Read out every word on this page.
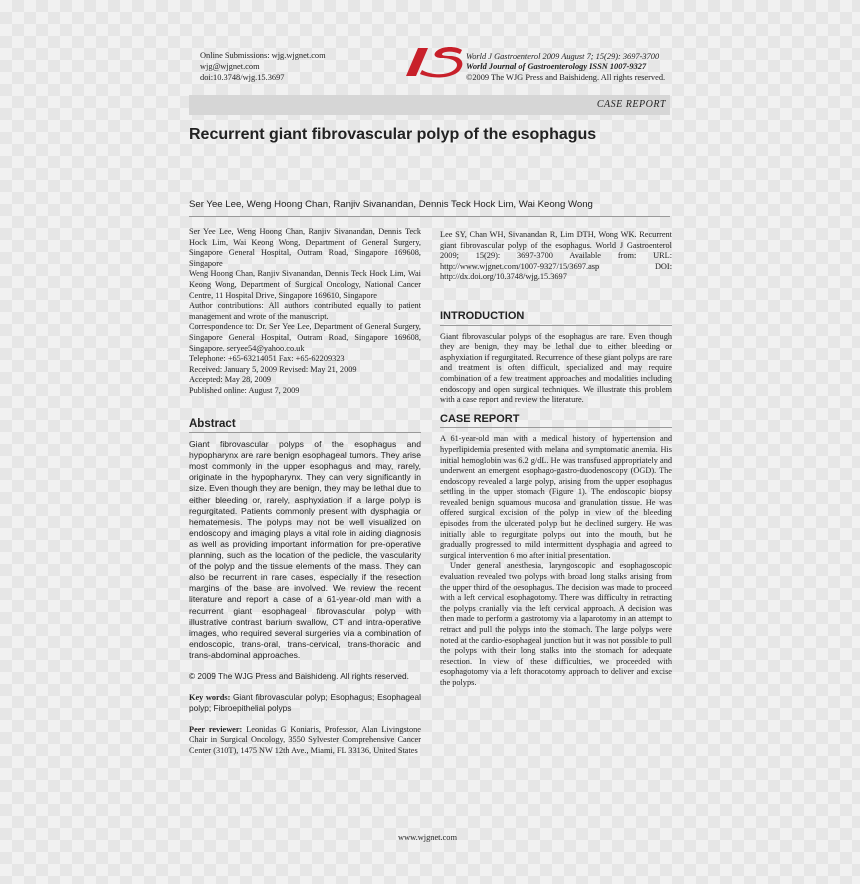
Online Submissions: wjg.wjgnet.com
wjg@wjgnet.com
doi:10.3748/wjg.15.3697
World J Gastroenterol 2009 August 7; 15(29): 3697-3700
World Journal of Gastroenterology ISSN 1007-9327
©2009 The WJG Press and Baishideng. All rights reserved.
CASE REPORT
Recurrent giant fibrovascular polyp of the esophagus
Ser Yee Lee, Weng Hoong Chan, Ranjiv Sivanandan, Dennis Teck Hock Lim, Wai Keong Wong

Ser Yee Lee, Weng Hoong Chan, Ranjiv Sivanandan, Dennis Teck Hock Lim, Wai Keong Wong, Department of General Surgery, Singapore General Hospital, Outram Road, Singapore 169608, Singapore

Weng Hoong Chan, Ranjiv Sivanandan, Dennis Teck Hock Lim, Wai Keong Wong, Department of Surgical Oncology, National Cancer Centre, 11 Hospital Drive, Singapore 169610, Singapore

Author contributions: All authors contributed equally to patient management and wrote of the manuscript.

Correspondence to: Dr. Ser Yee Lee, Department of General Surgery, Singapore General Hospital, Outram Road, Singapore 169608, Singapore. seryee54@yahoo.co.uk

Telephone: +65-63214051 Fax: +65-62209323

Received: January 5, 2009 Revised: May 21, 2009

Accepted: May 28, 2009

Published online: August 7, 2009

Abstract

Giant fibrovascular polyps of the esophagus and hypopharynx are rare benign esophageal tumors. They arise most commonly in the upper esophagus and may, rarely, originate in the hypopharynx. They can very significantly in size. Even though they are benign, they may be lethal due to either bleeding or, rarely, asphyxiation if a large polyp is regurgitated. Patients commonly present with dysphagia or hematemesis. The polyps may not be well visualized on endoscopy and imaging plays a vital role in aiding diagnosis as well as providing important information for pre-operative planning, such as the location of the pedicle, the vascularity of the polyp and the tissue elements of the mass. They can also be recurrent in rare cases, especially if the resection margins of the base are involved. We review the recent literature and report a case of a 61-year-old man with a recurrent giant esophageal fibrovascular polyp with illustrative contrast barium swallow, CT and intra-operative images, who required several surgeries via a combination of endoscopic, trans-oral, trans-cervical, trans-thoracic and trans-abdominal approaches.

© 2009 The WJG Press and Baishideng. All rights reserved.

Key words: Giant fibrovascular polyp; Esophagus; Esophageal polyp; Fibroepithelial polyps

Peer reviewer: Leonidas G Koniaris, Professor, Alan Livingstone Chair in Surgical Oncology, 3550 Sylvester Comprehensive Cancer Center (310T), 1475 NW 12th Ave., Miami, FL 33136, United States

Lee SY, Chan WH, Sivanandan R, Lim DTH, Wong WK. Recurrent giant fibrovascular polyp of the esophagus. World J Gastroenterol 2009; 15(29): 3697-3700 Available from: URL: http://www.wjgnet.com/1007-9327/15/3697.asp DOI: http://dx.doi.org/10.3748/wjg.15.3697

INTRODUCTION

Giant fibrovascular polyps of the esophagus are rare. Even though they are benign, they may be lethal due to either bleeding or asphyxiation if regurgitated. Recurrence of these giant polyps are rare and treatment is often difficult, specialized and may require combination of a few treatment approaches and modalities including endoscopy and open surgical techniques. We illustrate this problem with a case report and review the literature.

CASE REPORT

A 61-year-old man with a medical history of hypertension and hyperlipidemia presented with melana and symptomatic anemia. His initial hemoglobin was 6.2 g/dL. He was transfused appropriately and underwent an emergent esophago-gastro-duodenoscopy (OGD). The endoscopy revealed a large polyp, arising from the upper esophagus settling in the upper stomach (Figure 1). The endoscopic biopsy revealed benign squamous mucosa and granulation tissue. He was offered surgical excision of the polyp in view of the bleeding episodes from the ulcerated polyp but he declined surgery. He was initially able to regurgitate polyps out into the mouth, but he gradually progressed to mild intermittent dysphagia and agreed to surgical intervention 6 mo after initial presentation.

Under general anesthesia, laryngoscopic and esophagoscopic evaluation revealed two polyps with broad long stalks arising from the upper third of the oesophagus. The decision was made to proceed with a left cervical esophagotomy. There was difficulty in retracting the polyps cranially via the left cervical approach. A decision was then made to perform a gastrotomy via a laparotomy in an attempt to retract and pull the polyps into the stomach. The large polyps were noted at the cardio-esophageal junction but it was not possible to pull the polyps with their long stalks into the stomach for adequate resection. In view of these difficulties, we proceeded with esophagotomy via a left thoracotomy approach to deliver and excise the polyps.

www.wjgnet.com
